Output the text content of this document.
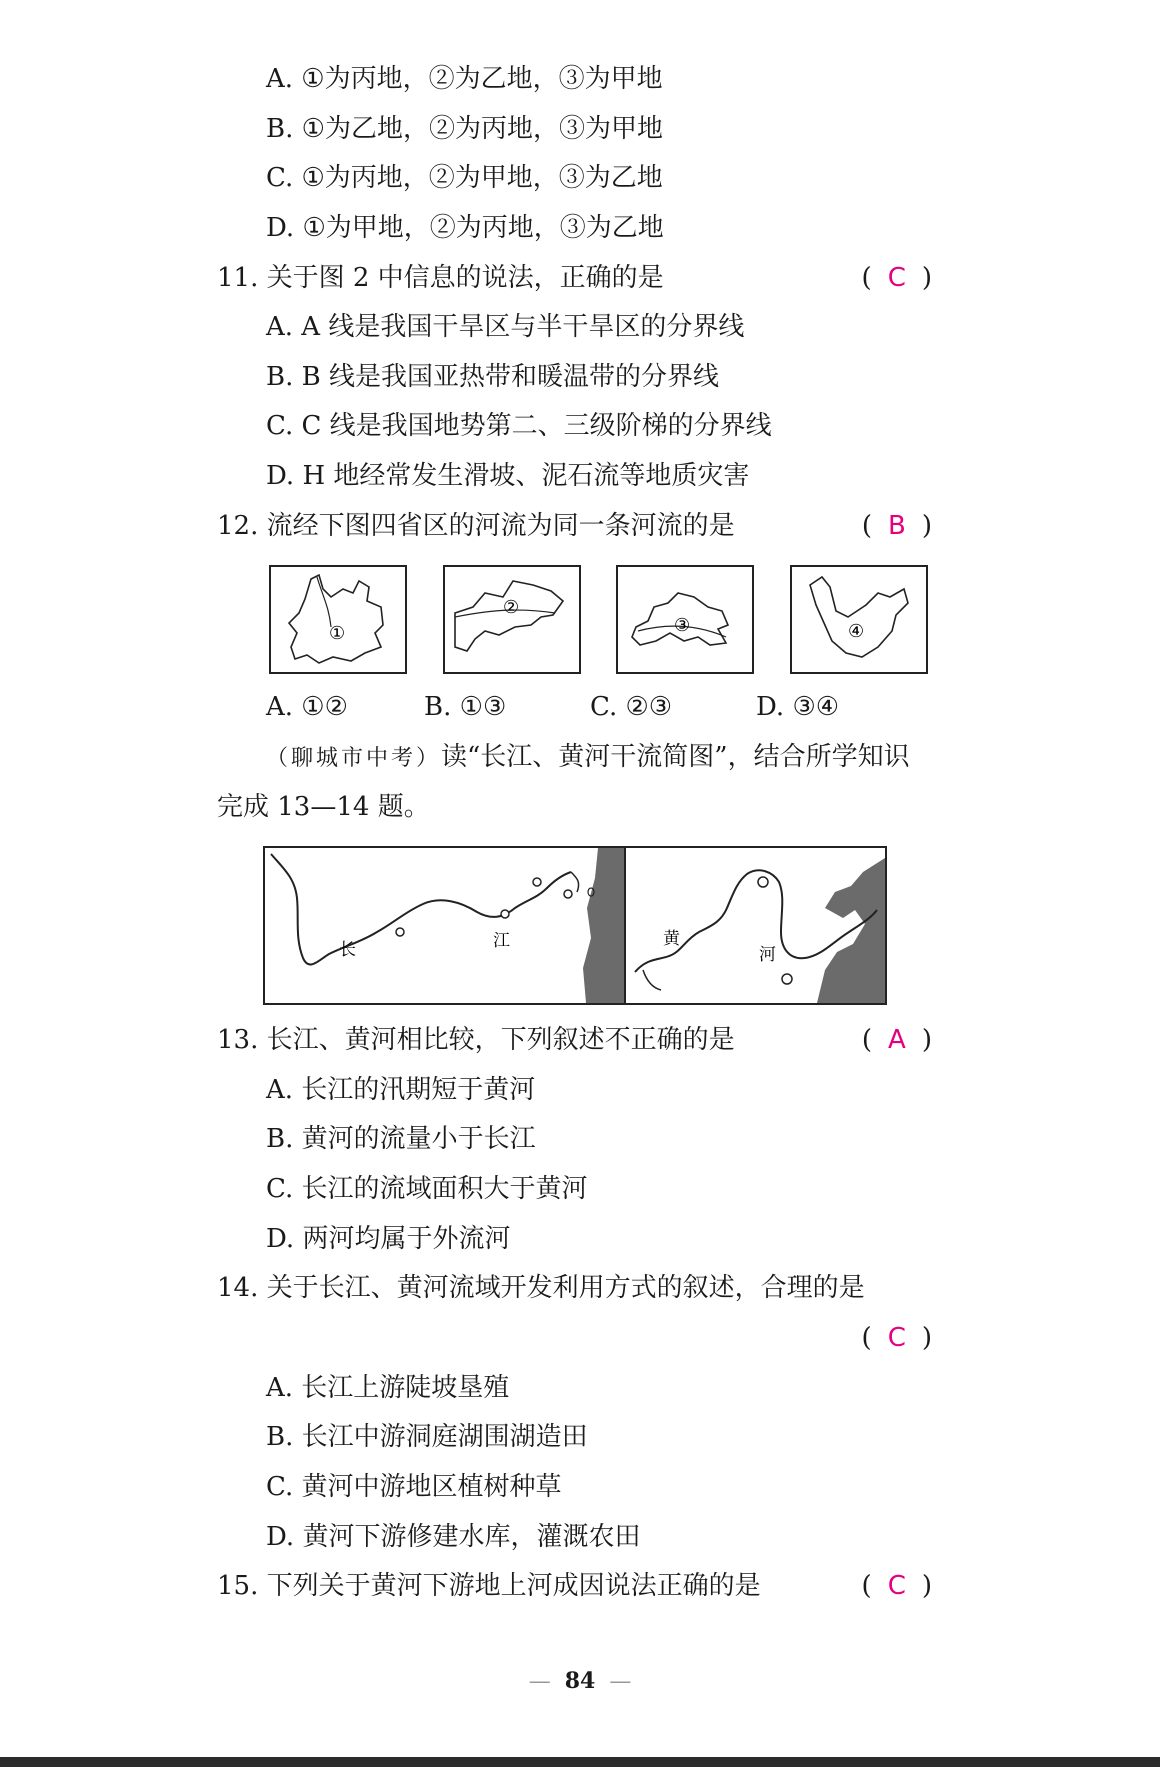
A. ①为丙地，②为乙地，③为甲地
B. ①为乙地，②为丙地，③为甲地
C. ①为丙地，②为甲地，③为乙地
D. ①为甲地，②为丙地，③为乙地
11. 关于图 2 中信息的说法，正确的是	( C )
A. A 线是我国干旱区与半干旱区的分界线
B. B 线是我国亚热带和暖温带的分界线
C. C 线是我国地势第二、三级阶梯的分界线
D. H 地经常发生滑坡、泥石流等地质灾害
12. 流经下图四省区的河流为同一条河流的是	( B )
①
②
③	④
A. ①②	B. ①③	C. ②③	D. ③④
（聊城市中考）读“长江、黄河干流简图”，结合所学知识
完成 13—14 题。
长	江	黄
河
13. 长江、黄河相比较，下列叙述不正确的是	( A )
A. 长江的汛期短于黄河
B. 黄河的流量小于长江
C. 长江的流域面积大于黄河
D. 两河均属于外流河
14. 关于长江、黄河流域开发利用方式的叙述，合理的是
( C )
A. 长江上游陡坡垦殖
B. 长江中游洞庭湖围湖造田
C. 黄河中游地区植树种草
D. 黄河下游修建水库，灌溉农田
15. 下列关于黄河下游地上河成因说法正确的是	( C )
— 84 —
